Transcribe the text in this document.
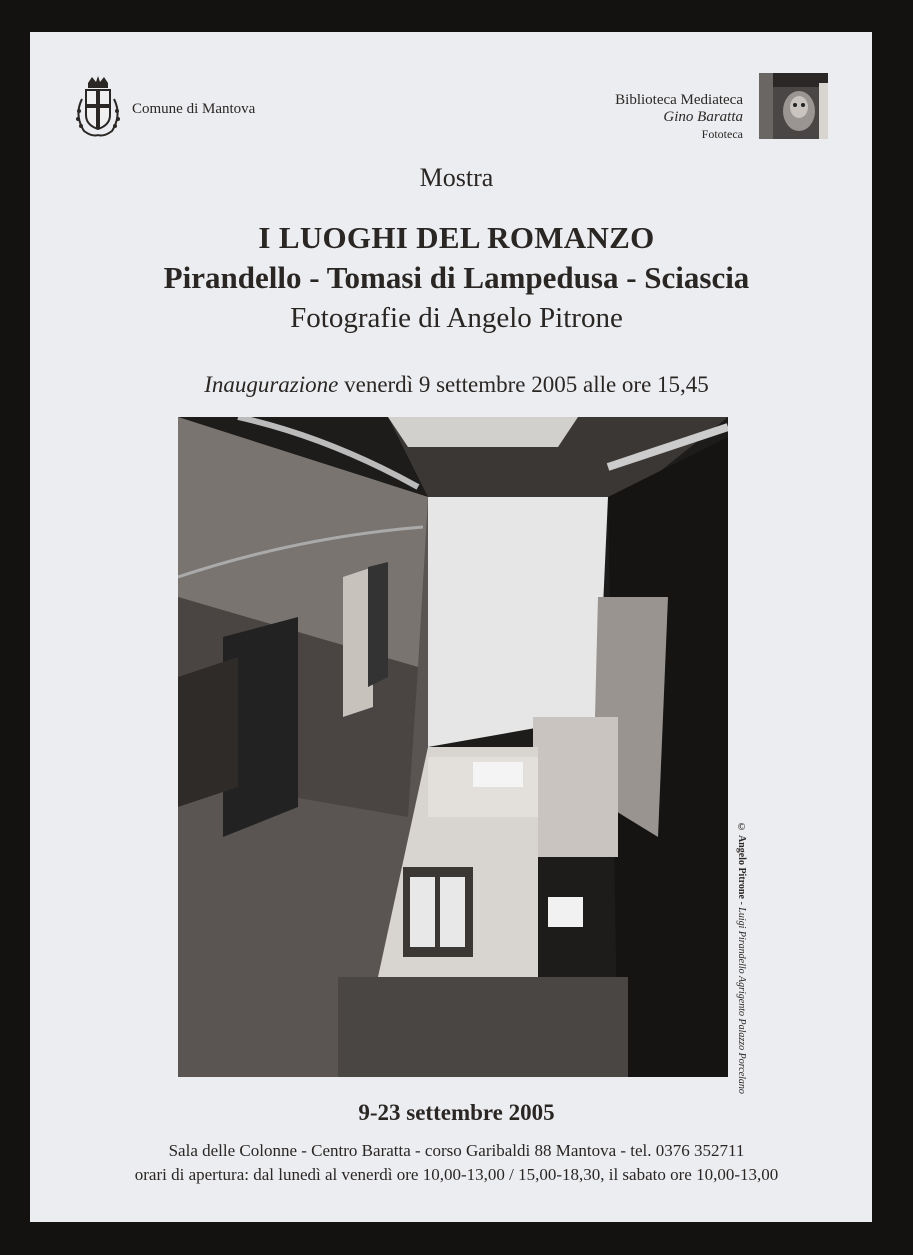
Comune di Mantova
Biblioteca Mediateca
Gino Baratta
Fototeca
Mostra
I LUOGHI DEL ROMANZO
Pirandello - Tomasi di Lampedusa - Sciascia
Fotografie di Angelo Pitrone
Inaugurazione venerdì 9 settembre 2005 alle ore 15,45
© Angelo Pitrone - Luigi Pirandello Agrigento Palazzo Porcelano
9-23 settembre 2005
Sala delle Colonne - Centro Baratta - corso Garibaldi 88 Mantova - tel. 0376 352711
orari di apertura: dal lunedì al venerdì ore 10,00-13,00 / 15,00-18,30, il sabato ore 10,00-13,00
